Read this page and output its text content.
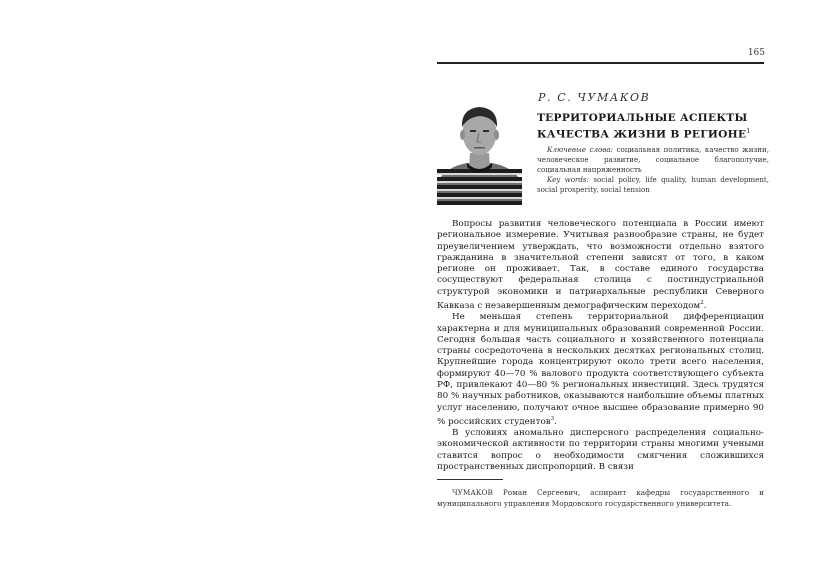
165
Р. С. ЧУМАКОВ
ТЕРРИТОРИАЛЬНЫЕ АСПЕКТЫ КАЧЕСТВА ЖИЗНИ В РЕГИОНЕ$^1$
Ключевые слова: социальная политика, качество жизни, человеческое развитие, социальное благополучие, социальная напряженность
Key words: social policy, life quality, human development, social prosperity, social tension

Вопросы развития человеческого потенциала в России имеют региональное измерение. Учитывая разнообразие страны, не будет преувеличением утверждать, что возможности отдельно взятого гражданина в значительной степени зависят от того, в каком регионе он проживает. Так, в составе единого государства сосуществуют федеральная столица с постиндустриальной структурой экономики и патриархальные республики Северного Кавказа с незавершенным демографическим переходом$^2$.

Не меньшая степень территориальной дифференциации характерна и для муниципальных образований современной России. Сегодня большая часть социального и хозяйственного потенциала страны сосредоточена в нескольких десятках региональных столиц. Крупнейшие города концентрируют около трети всего населения, формируют 40—70 % валового продукта соответствующего субъекта РФ, привлекают 40—80 % региональных инвестиций. Здесь трудятся 80 % научных работников, оказываются наибольшие объемы платных услуг населению, получают очное высшее образование примерно 90 % российских студентов$^3$.

В условиях аномально дисперсного распределения социально-экономической активности по территории страны многими учеными ставится вопрос о необходимости смягчения сложившихся пространственных диспропорций. В связи

ЧУМАКОВ Роман Сергеевич, аспирант кафедры государственного и муниципального управления Мордовского государственного университета.
